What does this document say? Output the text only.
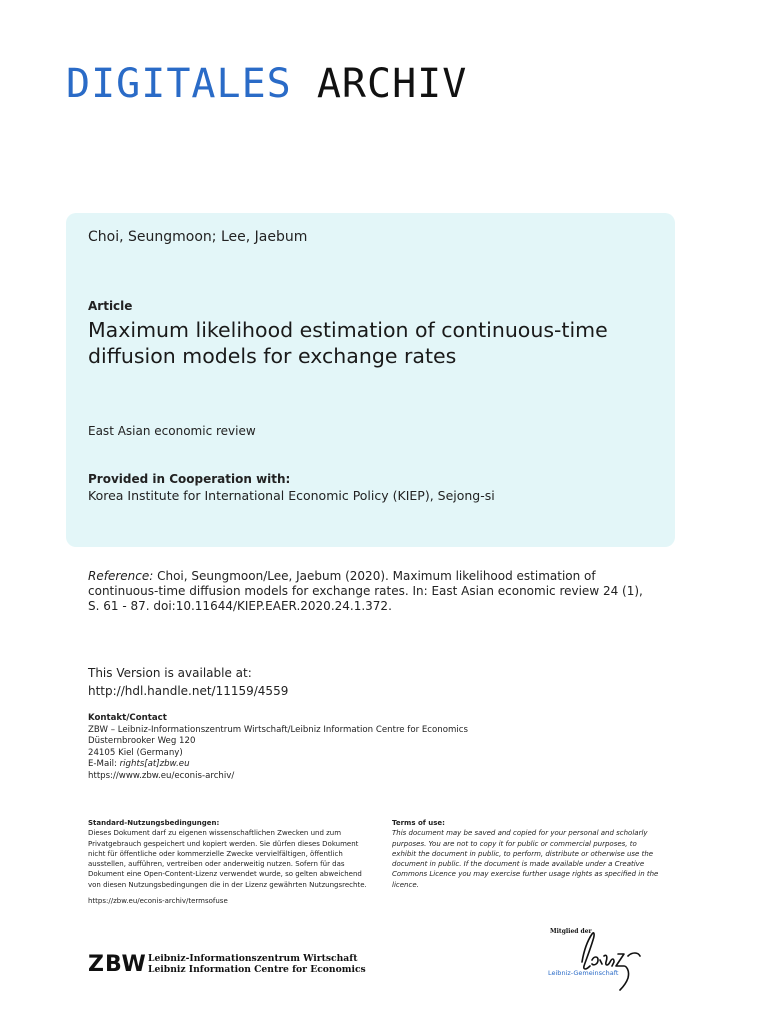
DIGITALES ARCHIV
Choi, Seungmoon; Lee, Jaebum
Article
Maximum likelihood estimation of continuous-time diffusion models for exchange rates
East Asian economic review
Provided in Cooperation with:
Korea Institute for International Economic Policy (KIEP), Sejong-si
Reference: Choi, Seungmoon/Lee, Jaebum (2020). Maximum likelihood estimation of continuous-time diffusion models for exchange rates. In: East Asian economic review 24 (1), S. 61 - 87. doi:10.11644/KIEP.EAER.2020.24.1.372.
This Version is available at:
http://hdl.handle.net/11159/4559
Kontakt/Contact
ZBW – Leibniz-Informationszentrum Wirtschaft/Leibniz Information Centre for Economics
Düsternbrooker Weg 120
24105 Kiel (Germany)
E-Mail: rights[at]zbw.eu
https://www.zbw.eu/econis-archiv/
Standard-Nutzungsbedingungen:
Dieses Dokument darf zu eigenen wissenschaftlichen Zwecken und zum Privatgebrauch gespeichert und kopiert werden. Sie dürfen dieses Dokument nicht für öffentliche oder kommerzielle Zwecke vervielfältigen, öffentlich ausstellen, aufführen, vertreiben oder anderweitig nutzen. Sofern für das Dokument eine Open-Content-Lizenz verwendet wurde, so gelten abweichend von diesen Nutzungsbedingungen die in der Lizenz gewährten Nutzungsrechte.
https://zbw.eu/econis-archiv/termsofuse
Terms of use:
This document may be saved and copied for your personal and scholarly purposes. You are not to copy it for public or commercial purposes, to exhibit the document in public, to perform, distribute or otherwise use the document in public. If the document is made available under a Creative Commons Licence you may exercise further usage rights as specified in the licence.
ZBW Leibniz-Informationszentrum Wirtschaft
Leibniz Information Centre for Economics
Mitglied der
Leibniz-Gemeinschaft
